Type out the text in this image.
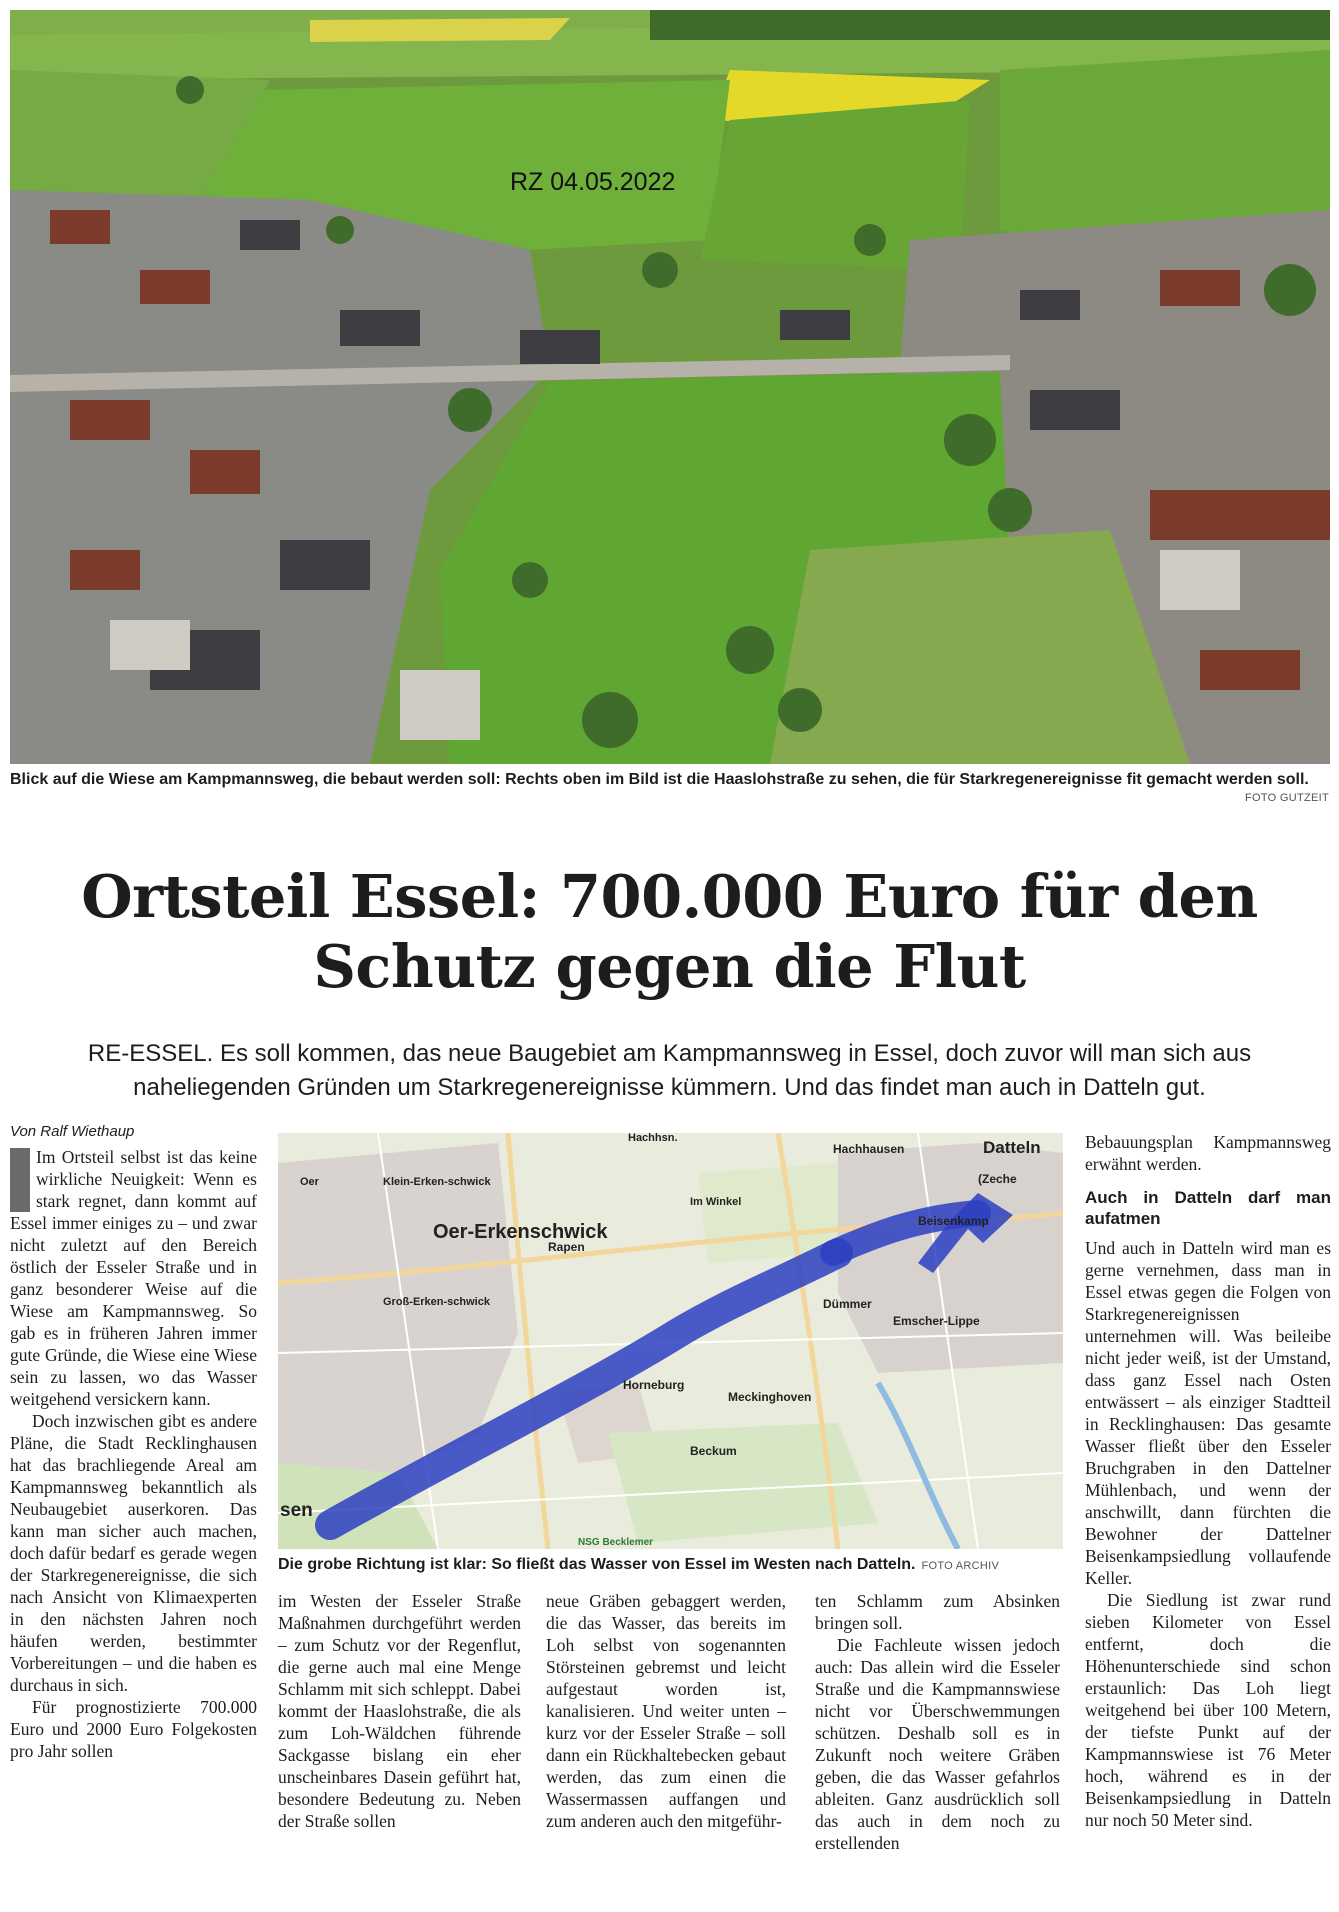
RZ 04.05.2022
Blick auf die Wiese am Kampmannsweg, die bebaut werden soll: Rechts oben im Bild ist die Haaslohstraße zu sehen, die für Starkregenereignisse fit gemacht werden soll.
FOTO GUTZEIT
Ortsteil Essel: 700.000 Euro für den Schutz gegen die Flut
RE-ESSEL. Es soll kommen, das neue Baugebiet am Kampmannsweg in Essel, doch zuvor will man sich aus naheliegenden Gründen um Starkregenereignisse kümmern. Und das findet man auch in Datteln gut.
Von Ralf Wiethaup

Im Ortsteil selbst ist das keine wirkliche Neuigkeit: Wenn es stark regnet, dann kommt auf Essel immer einiges zu – und zwar nicht zuletzt auf den Bereich östlich der Esseler Straße und in ganz besonderer Weise auf die Wiese am Kampmannsweg. So gab es in früheren Jahren immer gute Gründe, die Wiese eine Wiese sein zu lassen, wo das Wasser weitgehend versickern kann.

Doch inzwischen gibt es andere Pläne, die Stadt Recklinghausen hat das brachliegende Areal am Kampmannsweg bekanntlich als Neubaugebiet auserkoren. Das kann man sicher auch machen, doch dafür bedarf es gerade wegen der Starkregenereignisse, die sich nach Ansicht von Klimaexperten in den nächsten Jahren noch häufen werden, bestimmter Vorbereitungen – und die haben es durchaus in sich.

Für prognostizierte 700.000 Euro und 2000 Euro Folgekosten pro Jahr sollen

Oer-Erkenschwick
Datteln
Hachhausen
Hachhsn.
(Zeche
Beisenkamp
Dümmer
Emscher-Lippe
Horneburg
Meckinghoven
Beckum
Rapen
Klein-Erken-schwick
Groß-Erken-schwick
Im Winkel
Oer
sen
NSG Becklemer
Die grobe Richtung ist klar: So fließt das Wasser von Essel im Westen nach Datteln. FOTO ARCHIV

im Westen der Esseler Straße Maßnahmen durchgeführt werden – zum Schutz vor der Regenflut, die gerne auch mal eine Menge Schlamm mit sich schleppt. Dabei kommt der Haaslohstraße, die als zum Loh-Wäldchen führende Sackgasse bislang ein eher unscheinbares Dasein geführt hat, besondere Bedeutung zu. Neben der Straße sollen

neue Gräben gebaggert werden, die das Wasser, das bereits im Loh selbst von sogenannten Störsteinen gebremst und leicht aufgestaut worden ist, kanalisieren. Und weiter unten – kurz vor der Esseler Straße – soll dann ein Rückhaltebecken gebaut werden, das zum einen die Wassermassen auffangen und zum anderen auch den mitgeführ-

ten Schlamm zum Absinken bringen soll.

Die Fachleute wissen jedoch auch: Das allein wird die Esseler Straße und die Kampmannswiese nicht vor Überschwemmungen schützen. Deshalb soll es in Zukunft noch weitere Gräben geben, die das Wasser gefahrlos ableiten. Ganz ausdrücklich soll das auch in dem noch zu erstellenden

Bebauungsplan Kampmannsweg erwähnt werden.

Auch in Datteln darf man aufatmen

Und auch in Datteln wird man es gerne vernehmen, dass man in Essel etwas gegen die Folgen von Starkregenereignissen unternehmen will. Was beileibe nicht jeder weiß, ist der Umstand, dass ganz Essel nach Osten entwässert – als einziger Stadtteil in Recklinghausen: Das gesamte Wasser fließt über den Esseler Bruchgraben in den Dattelner Mühlenbach, und wenn der anschwillt, dann fürchten die Bewohner der Dattelner Beisenkampsiedlung vollaufende Keller.

Die Siedlung ist zwar rund sieben Kilometer von Essel entfernt, doch die Höhenunterschiede sind schon erstaunlich: Das Loh liegt weitgehend bei über 100 Metern, der tiefste Punkt auf der Kampmannswiese ist 76 Meter hoch, während es in der Beisenkampsiedlung in Datteln nur noch 50 Meter sind.
